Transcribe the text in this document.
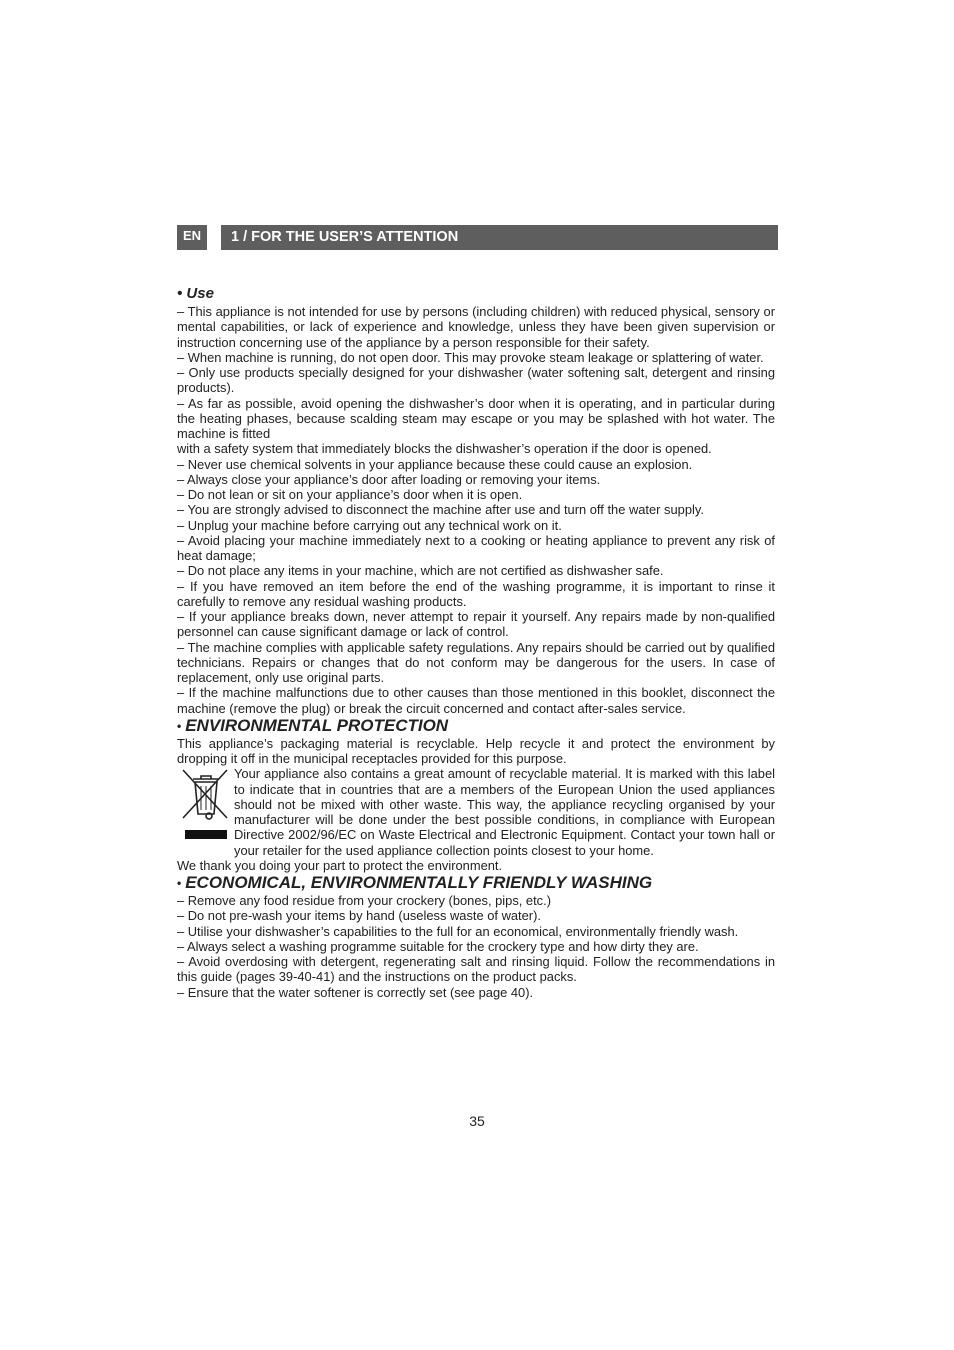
EN	1 / FOR THE USER’S ATTENTION

• Use

– This appliance is not intended for use by persons (including children) with reduced physical, sensory or mental capabilities, or lack of experience and knowledge, unless they have been given supervision or instruction concerning use of the appliance by a person responsible for their safety.

– When machine is running, do not open door. This may provoke steam leakage or splattering of water.

– Only use products specially designed for your dishwasher (water softening salt, detergent and rinsing products).

– As far as possible, avoid opening the dishwasher’s door when it is operating, and in particular during the heating phases, because scalding steam may escape or you may be splashed with hot water. The machine is fitted

with a safety system that immediately blocks the dishwasher’s operation if the door is opened.

– Never use chemical solvents in your appliance because these could cause an explosion.

– Always close your appliance’s door after loading or removing your items.

– Do not lean or sit on your appliance’s door when it is open.

– You are strongly advised to disconnect the machine after use and turn off the water supply.

– Unplug your machine before carrying out any technical work on it.

– Avoid placing your machine immediately next to a cooking or heating appliance to prevent any risk of heat damage;

– Do not place any items in your machine, which are not certified as dishwasher safe.

– If you have removed an item before the end of the washing programme, it is important to rinse it carefully to remove any residual washing products.

– If your appliance breaks down, never attempt to repair it yourself. Any repairs made by non-qualified personnel can cause significant damage or lack of control.

– The machine complies with applicable safety regulations. Any repairs should be carried out by qualified technicians. Repairs or changes that do not conform may be dangerous for the users. In case of replacement, only use original parts.

– If the machine malfunctions due to other causes than those mentioned in this booklet, disconnect the machine (remove the plug) or break the circuit concerned and contact after-sales service.

• ENVIRONMENTAL PROTECTION

This appliance’s packaging material is recyclable. Help recycle it and protect the environment by dropping it off in the municipal receptacles provided for this purpose.

Your appliance also contains a great amount of recyclable material. It is marked with this label to indicate that in countries that are a members of the European Union the used appliances should not be mixed with other waste. This way, the appliance recycling organised by your manufacturer will be done under the best possible conditions, in compliance with European Directive 2002/96/EC on Waste Electrical and Electronic Equipment. Contact your town hall or your retailer for the used appliance collection points closest to your home.

We thank you doing your part to protect the environment.

• ECONOMICAL, ENVIRONMENTALLY FRIENDLY WASHING

– Remove any food residue from your crockery (bones, pips, etc.)

– Do not pre-wash your items by hand (useless waste of water).

– Utilise your dishwasher’s capabilities to the full for an economical, environmentally friendly wash.

– Always select a washing programme suitable for the crockery type and how dirty they are.

– Avoid overdosing with detergent, regenerating salt and rinsing liquid. Follow the recommendations in this guide (pages 39-40-41) and the instructions on the product packs.

– Ensure that the water softener is correctly set (see page 40).

35
